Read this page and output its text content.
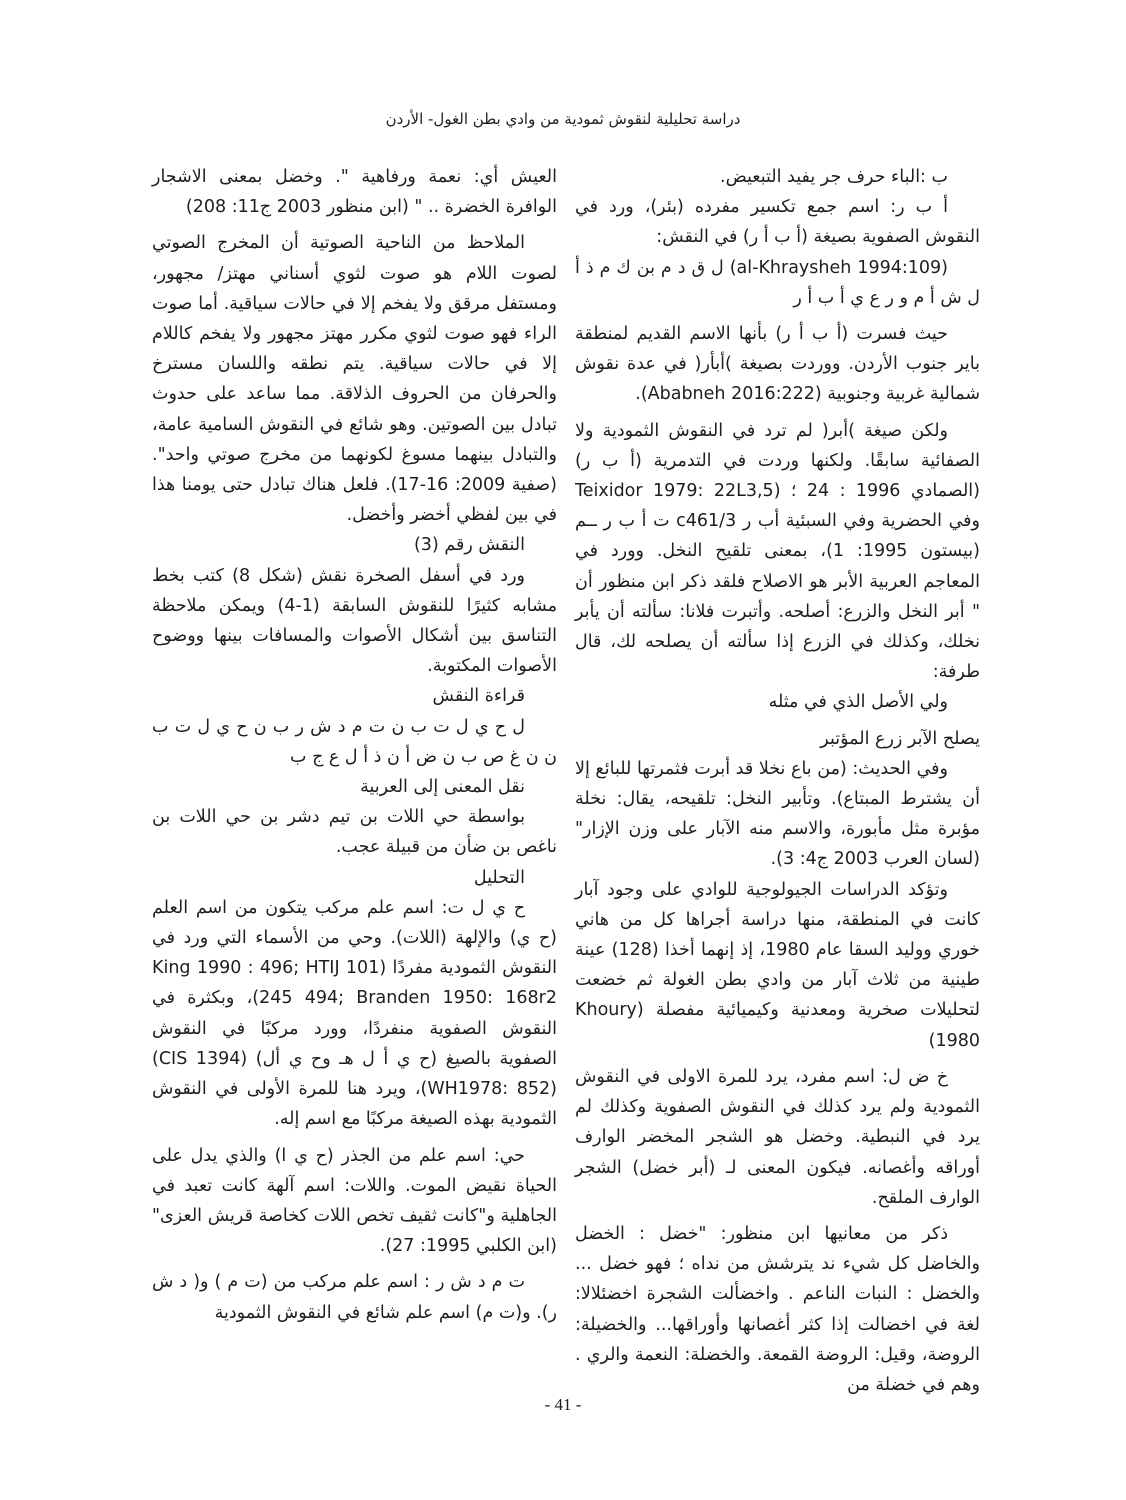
دراسة تحليلية لنقوش ثمودية من وادي بطن الغول- الأردن

ب :الباء حرف جر يفيد التبعيض.

أ ب ر: اسم جمع تكسير مفرده (بئر)، ورد في النقوش الصفوية بصيغة (أ ب أ ر) في النقش:

(al-Khraysheh 1994:109) ل ق د م بن ك م ذ أ ل ش أ م و ر ع ي أ ب أ ر

حيث فسرت (أ ب أ ر) بأنها الاسم القديم لمنطقة باير جنوب الأردن. ووردت بصيغة )أبأر( في عدة نقوش شمالية غربية وجنوبية (Ababneh 2016:222).

ولكن صيغة )أبر( لم ترد في النقوش الثمودية ولا الصفائية سابقًا. ولكنها وردت في التدمرية (أ ب ر) (الصمادي 1996 : 24 ؛ (Teixidor 1979: 22L3,5 وفي الحضرية وفي السبئية أب ر c461/3 ت أ ب ر ــم (بيستون 1995: 1)، بمعنى تلقيح النخل. وورد في المعاجم العربية الأبر هو الاصلاح فلقد ذكر ابن منظور أن " أبر النخل والزرع: أصلحه. وأتبرت فلانا: سألته أن يأبر نخلك، وكذلك في الزرع إذا سألته أن يصلحه لك، قال طرفة:

ولي الأصل الذي في مثله

يصلح الآبر زرع المؤتبر

وفي الحديث: (من باع نخلا قد أبرت فثمرتها للبائع إلا أن يشترط المبتاع). وتأبير النخل: تلقيحه، يقال: نخلة مؤبرة مثل مأبورة، والاسم منه الآبار على وزن الإزار" (لسان العرب 2003 ج4: 3).

وتؤكد الدراسات الجيولوجية للوادي على وجود آبار كانت في المنطقة، منها دراسة أجراها كل من هاني خوري ووليد السقا عام 1980، إذ إنهما أخذا (128) عينة طينية من ثلاث آبار من وادي بطن الغولة ثم خضعت لتحليلات صخرية ومعدنية وكيميائية مفصلة (Khoury 1980)

خ ض ل: اسم مفرد، يرد للمرة الاولى في النقوش الثمودية ولم يرد كذلك في النقوش الصفوية وكذلك لم يرد في النبطية. وخضل هو الشجر المخضر الوارف أوراقه وأغصانه. فيكون المعنى لـ (أبر خضل) الشجر الوارف الملقح.

ذكر من معانيها ابن منظور: "خضل : الخضل والخاضل كل شيء ند يترشش من نداه ؛ فهو خضل ... والخضل : النبات الناعم . واخضألت الشجرة اخضئلالا: لغة في اخضالت إذا كثر أغصانها وأوراقها... والخضيلة: الروضة، وقيل: الروضة القمعة. والخضلة: النعمة والري . وهم في خضلة من

العيش أي: نعمة ورفاهية ". وخضل بمعنى الاشجار الوافرة الخضرة .. " (ابن منظور 2003 ج11: 208)

الملاحظ من الناحية الصوتية أن المخرج الصوتي لصوت اللام هو صوت لثوي أسناني مهتز/ مجهور، ومستفل مرقق ولا يفخم إلا في حالات سياقية. أما صوت الراء فهو صوت لثوي مكرر مهتز مجهور ولا يفخم كاللام إلا في حالات سياقية. يتم نطقه واللسان مسترخ والحرفان من الحروف الذلاقة. مما ساعد على حدوث تبادل بين الصوتين. وهو شائع في النقوش السامية عامة، والتبادل بينهما مسوغ لكونهما من مخرج صوتي واحد". (صفية 2009: 16-17). فلعل هناك تبادل حتى يومنا هذا في بين لفظي أخضر وأخضل.

النقش رقم (3)

ورد في أسفل الصخرة نقش (شكل 8) كتب بخط مشابه كثيرًا للنقوش السابقة (1-4) ويمكن ملاحظة التناسق بين أشكال الأصوات والمسافات بينها ووضوح الأصوات المكتوبة.

قراءة النقش

ل ح ي ل ت ب ن ت م د ش ر ب ن ح ي ل ت ب ن ن غ ص ب ن ض أ ن ذ أ ل ع ج ب

نقل المعنى إلى العربية

بواسطة حي اللات بن تيم دشر بن حي اللات بن ناغص بن ضأن من قبيلة عجب.

التحليل

ح ي ل ت: اسم علم مركب يتكون من اسم العلم (ح ي) والإلهة (اللات). وحي من الأسماء التي ورد في النقوش الثمودية مفردًا (King 1990 : 496; HTIJ 101 245 494; Branden 1950: 168r2)، وبكثرة في النقوش الصفوية منفردًا، وورد مركبًا في النقوش الصفوية بالصيغ (ح ي أ ل هـ وح ي أل) (CIS 1394) (WH1978: 852)، ويرد هنا للمرة الأولى في النقوش الثمودية بهذه الصيغة مركبًا مع اسم إله.

حي: اسم علم من الجذر (ح ي ا) والذي يدل على الحياة نقيض الموت. واللات: اسم آلهة كانت تعبد في الجاهلية و"كانت ثقيف تخص اللات كخاصة قريش العزى"(ابن الكلبي 1995: 27).

ت م د ش ر : اسم علم مركب من (ت م ) و( د ش ر). و(ت م) اسم علم شائع في النقوش الثمودية

- 41 -
